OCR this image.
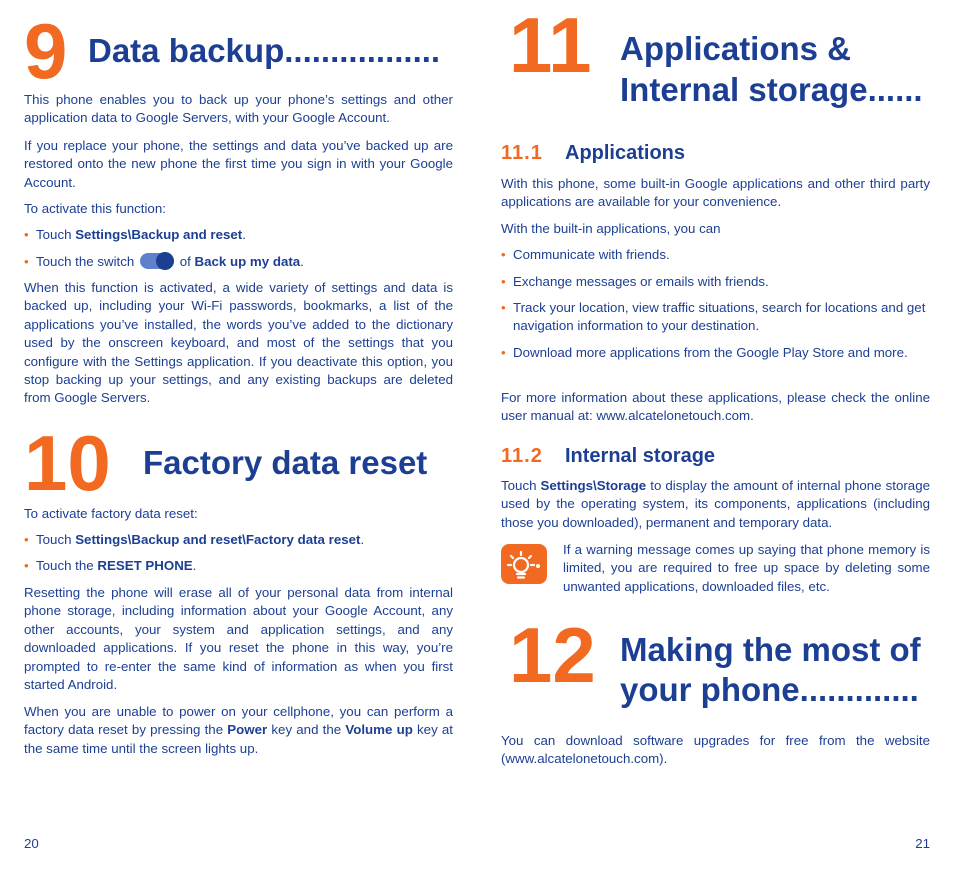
9 Data backup.................

This phone enables you to back up your phone’s settings and other application data to Google Servers, with your Google Account.

If you replace your phone, the settings and data you’ve backed up are restored onto the new phone the first time you sign in with your Google Account.

To activate this function:

• Touch Settings\Backup and reset.
• Touch the switch	of Back up my data.

When this function is activated, a wide variety of settings and data is backed up, including your Wi-Fi passwords, bookmarks, a list of the applications you’ve installed, the words you’ve added to the dictionary used by the onscreen keyboard, and most of the settings that you configure with the Settings application. If you deactivate this option, you stop backing up your settings, and any existing backups are deleted from Google Servers.

10 Factory data reset

To activate factory data reset:

• Touch Settings\Backup and reset\Factory data reset.
• Touch the RESET PHONE.

Resetting the phone will erase all of your personal data from internal phone storage, including information about your Google Account, any other accounts, your system and application settings, and any downloaded applications. If you reset the phone in this way, you’re prompted to re-enter the same kind of information as when you first started Android.

When you are unable to power on your cellphone, you can perform a factory data reset by pressing the Power key and the Volume up key at the same time until the screen lights up.

20
11 Applications &
Internal storage......
11.1 Applications

With this phone, some built-in Google applications and other third party applications are available for your convenience.

With the built-in applications, you can

• Communicate with friends.
• Exchange messages or emails with friends.
• Track your location, view traffic situations, search for locations and get navigation information to your destination.
• Download more applications from the Google Play Store and more.

For more information about these applications, please check the online user manual at: www.alcatelonetouch.com.

11.2 Internal storage

Touch Settings\Storage to display the amount of internal phone storage used by the operating system, its components, applications (including those you downloaded), permanent and temporary data.

If a warning message comes up saying that phone memory is limited, you are required to free up space by deleting some unwanted applications, downloaded files, etc.

12 Making the most of
your phone.............

You can download software upgrades for free from the website (www.alcatelonetouch.com).

21
